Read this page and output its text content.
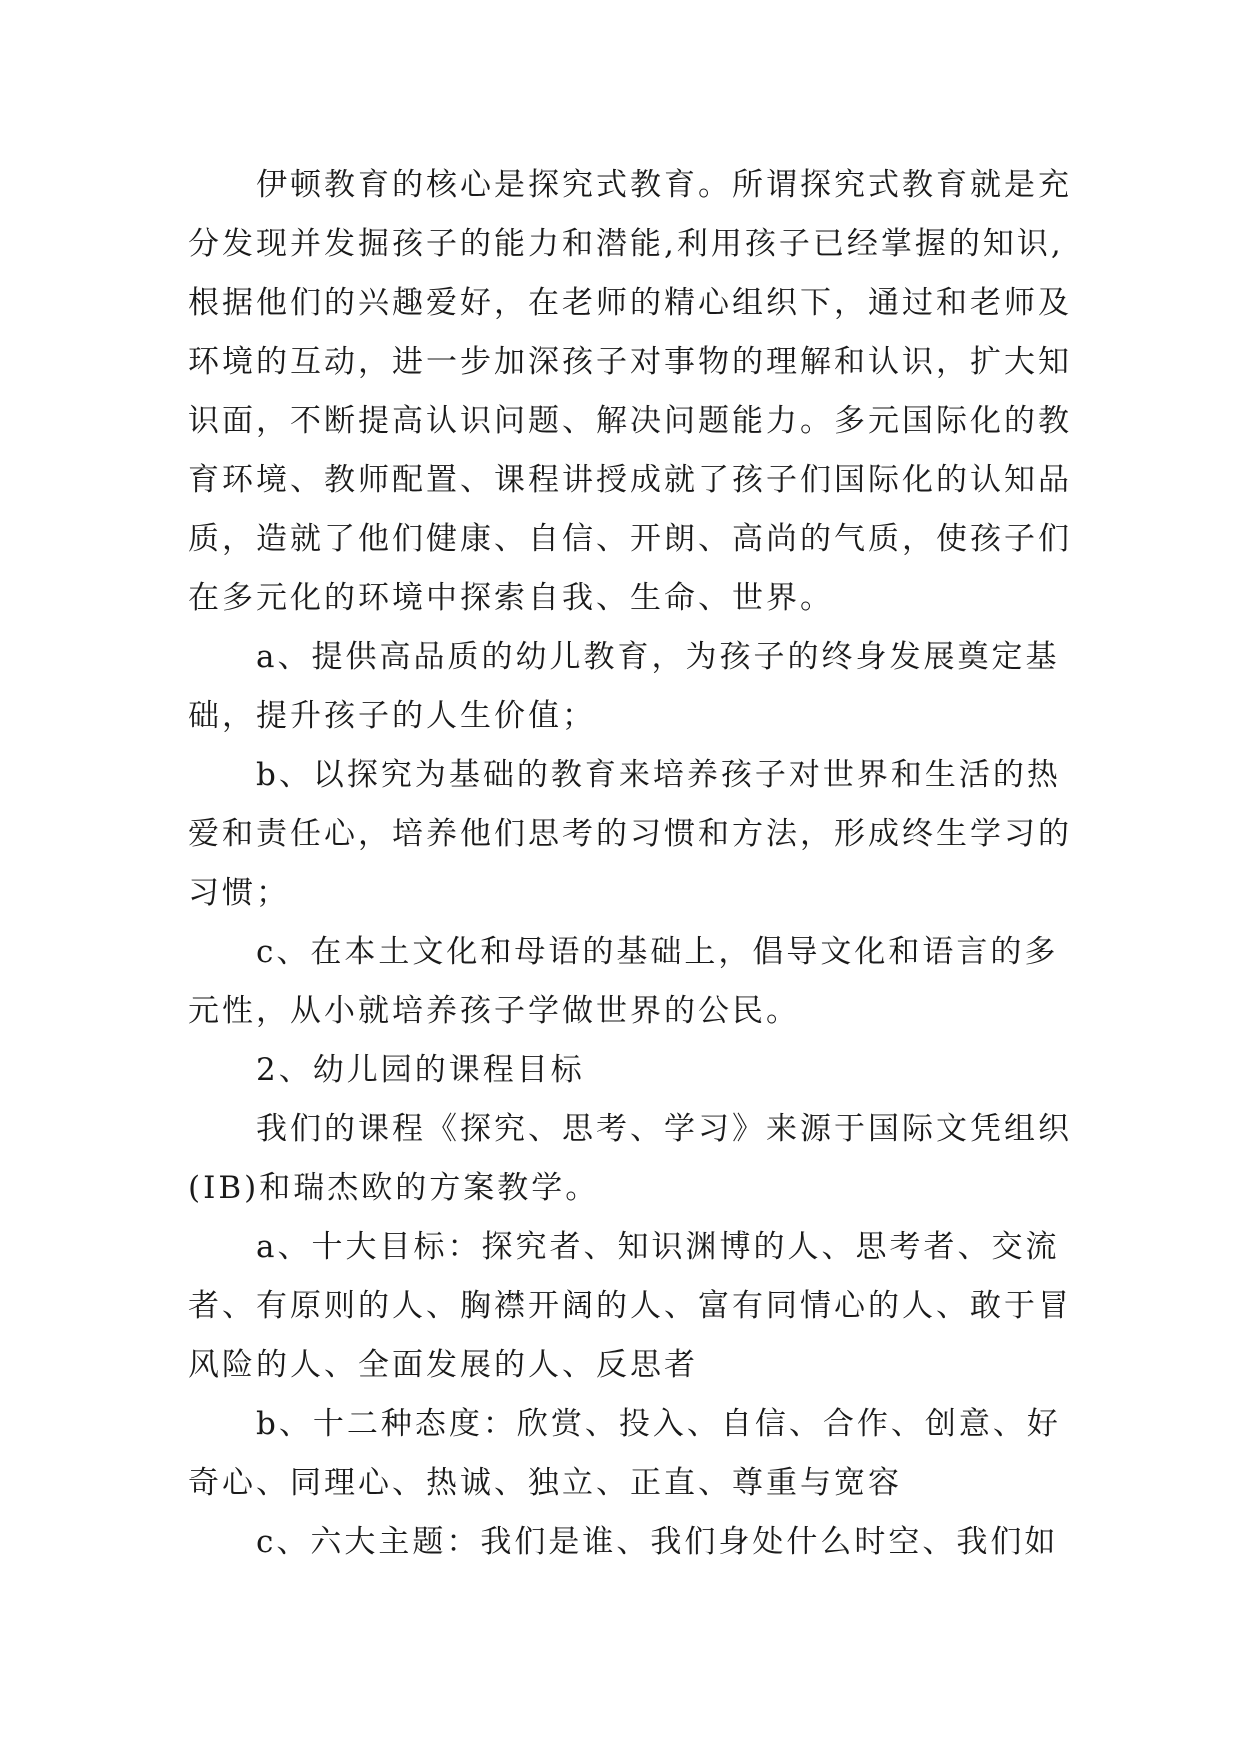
伊顿教育的核心是探究式教育。所谓探究式教育就是充
分发现并发掘孩子的能力和潜能,利用孩子已经掌握的知识,
根据他们的兴趣爱好，在老师的精心组织下，通过和老师及
环境的互动，进一步加深孩子对事物的理解和认识，扩大知
识面，不断提高认识问题、解决问题能力。多元国际化的教
育环境、教师配置、课程讲授成就了孩子们国际化的认知品
质，造就了他们健康、自信、开朗、高尚的气质，使孩子们
在多元化的环境中探索自我、生命、世界。
a、提供高品质的幼儿教育，为孩子的终身发展奠定基
础，提升孩子的人生价值；
b、以探究为基础的教育来培养孩子对世界和生活的热
爱和责任心，培养他们思考的习惯和方法，形成终生学习的
习惯；
c、在本土文化和母语的基础上，倡导文化和语言的多
元性，从小就培养孩子学做世界的公民。
2、幼儿园的课程目标
我们的课程《探究、思考、学习》来源于国际文凭组织
(IB)和瑞杰欧的方案教学。
a、十大目标：探究者、知识渊博的人、思考者、交流
者、有原则的人、胸襟开阔的人、富有同情心的人、敢于冒
风险的人、全面发展的人、反思者
b、十二种态度：欣赏、投入、自信、合作、创意、好
奇心、同理心、热诚、独立、正直、尊重与宽容
c、六大主题：我们是谁、我们身处什么时空、我们如
